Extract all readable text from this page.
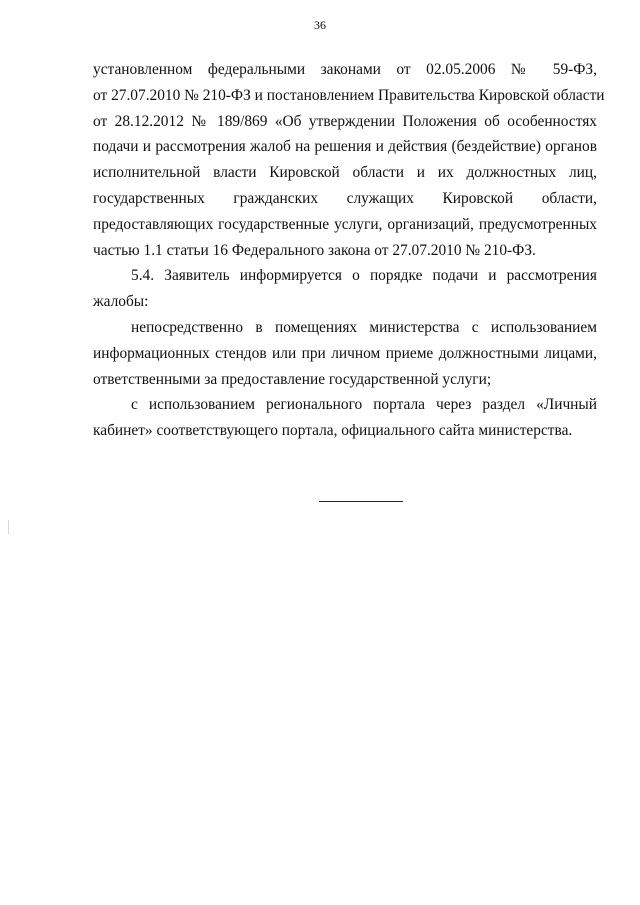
36

установленном федеральными законами от 02.05.2006 № 59-ФЗ,
от 27.07.2010 № 210-ФЗ и постановлением Правительства Кировской области
от 28.12.2012 № 189/869 «Об утверждении Положения об особенностях
подачи и рассмотрения жалоб на решения и действия (бездействие) органов
исполнительной власти Кировской области и их должностных лиц,
государственных гражданских служащих Кировской области,
предоставляющих государственные услуги, организаций, предусмотренных
частью 1.1 статьи 16 Федерального закона от 27.07.2010 № 210-ФЗ.

5.4. Заявитель информируется о порядке подачи и рассмотрения
жалобы:

непосредственно в помещениях министерства с использованием
информационных стендов или при личном приеме должностными лицами,
ответственными за предоставление государственной услуги;

с использованием регионального портала через раздел «Личный
кабинет» соответствующего портала, официального сайта министерства.
